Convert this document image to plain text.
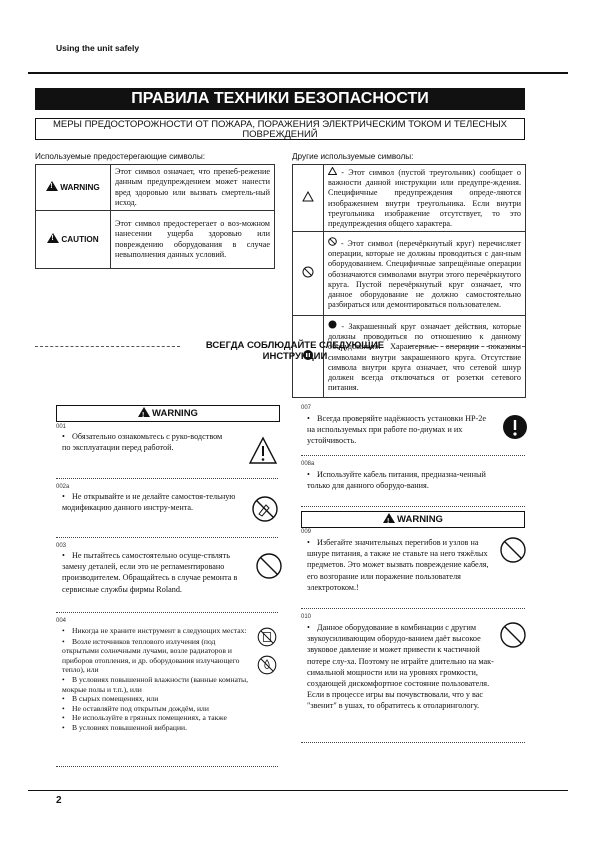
Using the unit safely
ПРАВИЛА ТЕХНИКИ БЕЗОПАСНОСТИ
МЕРЫ ПРЕДОСТОРОЖНОСТИ ОТ ПОЖАРА, ПОРАЖЕНИЯ ЭЛЕКТРИЧЕСКИМ ТОКОМ И ТЕЛЕСНЫХ ПОВРЕЖДЕНИЙ
Используемые предостерегающие символы:
!WARNING	Этот символ означает, что пренеб-режение данным предупреждением может нанести вред здоровью или вызвать смертель-ный исход.
!CAUTION	Этот символ предостерегает о воз-можном нанесении ущерба здоровью или повреждению оборудования в случае невыполнения данных условий.
Другие используемые символы:
	- Этот символ (пустой треугольник) сообщает о важности данной инструкции или предупре-ждения. Специфичные предупреждения опреде-ляются изображением внутри треугольника. Если внутри треугольника изображение отсутствует, то это предупреждения общего характера.
	- Этот символ (перечёркнутый круг) перечисляет операции, которые не должны проводиться с дан-ным оборудованием. Специфичные запрещённые операции обозначаются символами внутри этого перечёркнутого круга. Пустой перечёркнутый круг означает, что данное оборудование не должно самостоятельно разбираться или демонтироваться пользователем.
	- Закрашенный круг означает действия, которые должны проводиться по отношению к данному оборудованию. Характерные операции показаны символами внутри закрашенного круга. Отсутствие символа внутри круга означает, что сетевой шнур должен всегда отключаться от розетки сетевого питания.
ВСЕГДА СОБЛЮДАЙТЕ СЛЕДУЮЩИЕ ИНСТРУКЦИИ
!WARNING
001

• Обязательно ознакомьтесь с руко-водством по эксплуатации перед работой.

002a

• Не открывайте и не делайте самостоя-тельную модификацию данного инстру-мента.

003

• Не пытайтесь самостоятельно осуще-ствлять замену деталей, если это не регламентировано производителем. Обращайтесь в случае ремонта в сервисные службы фирмы Roland.

004

• Никогда не храните инструмент в следующих местах:

• Возле источников теплового излучения (под открытыми солнечными лучами, возле радиаторов и приборов отопления, и др. оборудования излучающего тепло), или

• В условиях повышенной влажности (ванные комнаты, мокрые полы и т.п.), или

• В сырых помещениях, или

• Не оставляйте под открытым дождём, или

• Не используйте в грязных помещениях, а также

• В условиях повышенной вибрации.

007

• Всегда проверяйте надёжность установки HP-2e на используемых при работе по-диумах и их устойчивость.

008a

• Используйте кабель питания, предназна-ченный только для данного оборудо-вания.

!WARNING
009

• Избегайте значительных перегибов и узлов на шнуре питания, а также не ставьте на него тяжёлых предметов. Это может вызвать повреждение кабеля, его возгорание или поражение пользователя электротоком.!

010

• Данное оборудование в комбинации с другим звукоусиливающим оборудо-ванием даёт высокое звуковое давление и может привести к частичной потере слу-ха. Поэтому не играйте длительно на мак-симальной мощности или на уровнях громкости, создающей дискомфортное состояние пользователя. Если в процессе игры вы почувствовали, что у вас "звенит" в ушах, то обратитесь к отоларингологу.

2
